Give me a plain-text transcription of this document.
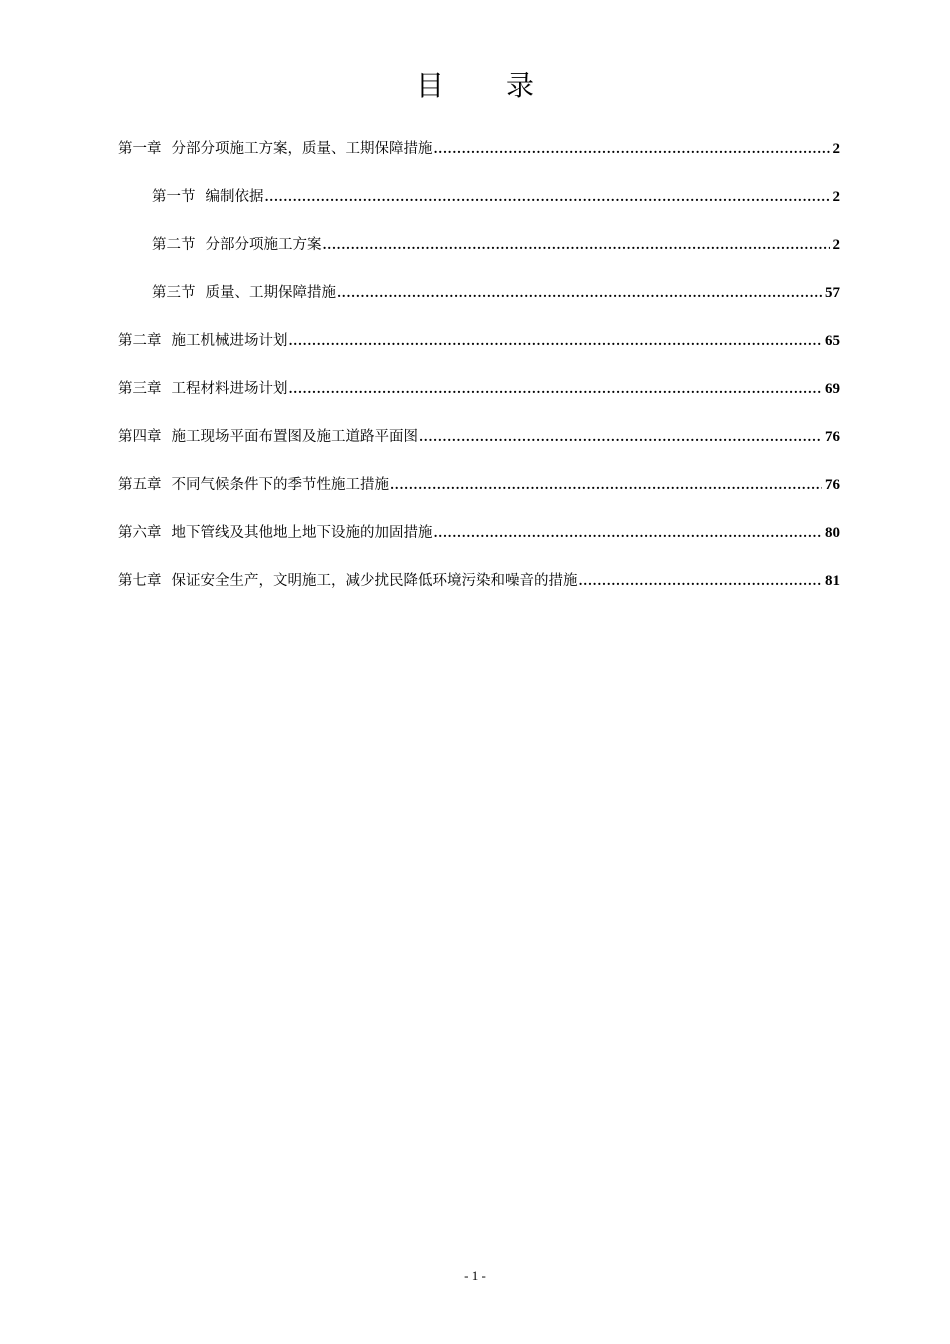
目录
第一章 分部分项施工方案，质量、工期保障措施 .....	2
第一节 编制依据 .....	2
第二节 分部分项施工方案 .....	2
第三节 质量、工期保障措施 .....	57
第二章 施工机械进场计划 .....	65
第三章 工程材料进场计划 .....	69
第四章 施工现场平面布置图及施工道路平面图 .....	76
第五章 不同气候条件下的季节性施工措施 .....	76
第六章 地下管线及其他地上地下设施的加固措施 .....	80
第七章 保证安全生产，文明施工，减少扰民降低环境污染和噪音的措施 .....	81
- 1 -
